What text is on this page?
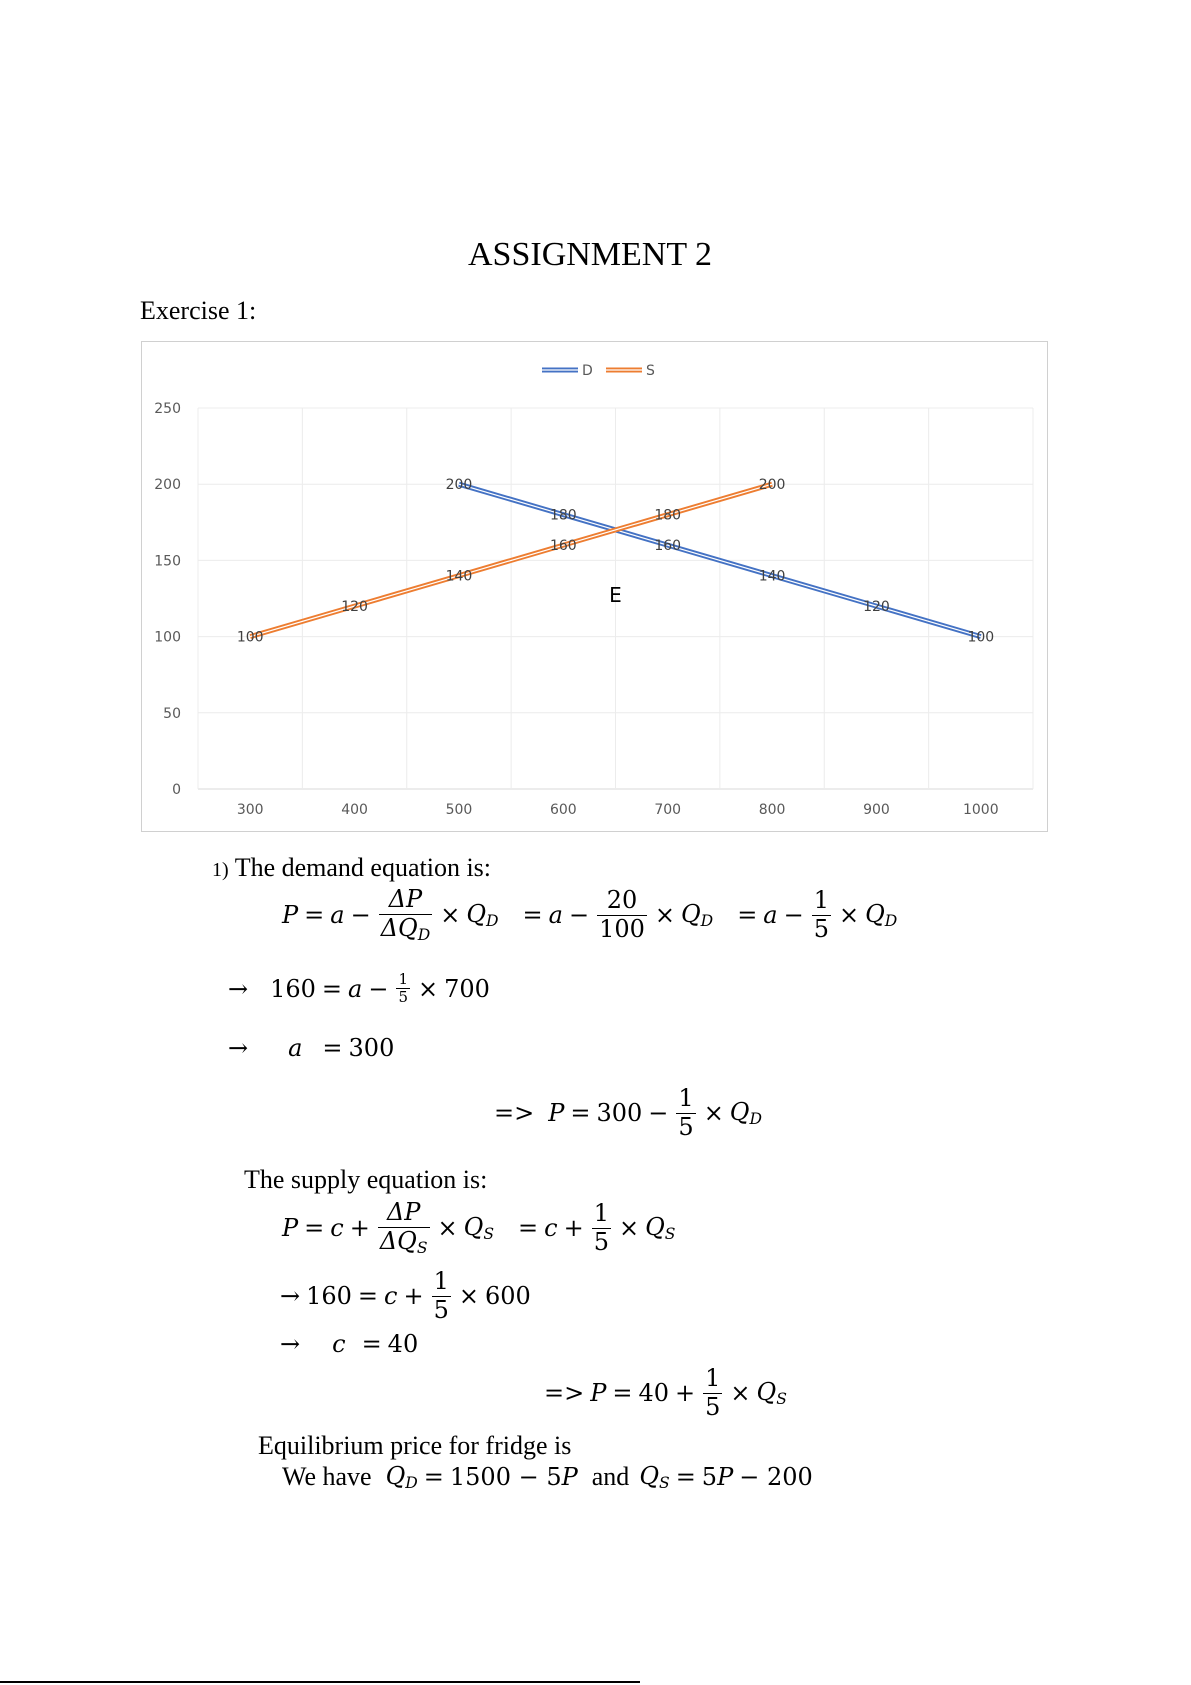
ASSIGNMENT 2
Exercise 1:
0
50
100
150
200
250
300	400	500	600	700	800	900	1000
200
180
160
140
120
100
100
120
140
160
180
200
D	S
E
1) The demand equation is:
$P = a - \frac{\Delta P}{\Delta Q_D} \times Q_D = a - \frac{20}{100} \times Q_D = a - \frac{1}{5} \times Q_D$
→ $160 = a - \frac{1}{5} \times 700$
→ a = 300
=> $P = 300 - \frac{1}{5} \times Q_D$
The supply equation is:
$P = c + \frac{\Delta P}{\Delta Q_S} \times Q_S = c + \frac{1}{5} \times Q_S$
→ $160 = c + \frac{1}{5} \times 600$
→ c = 40
=> $P = 40 + \frac{1}{5} \times Q_S$
Equilibrium price for fridge is
We have $Q_D = 1500 - 5$ P and $Q_S = 5$ P − 200
